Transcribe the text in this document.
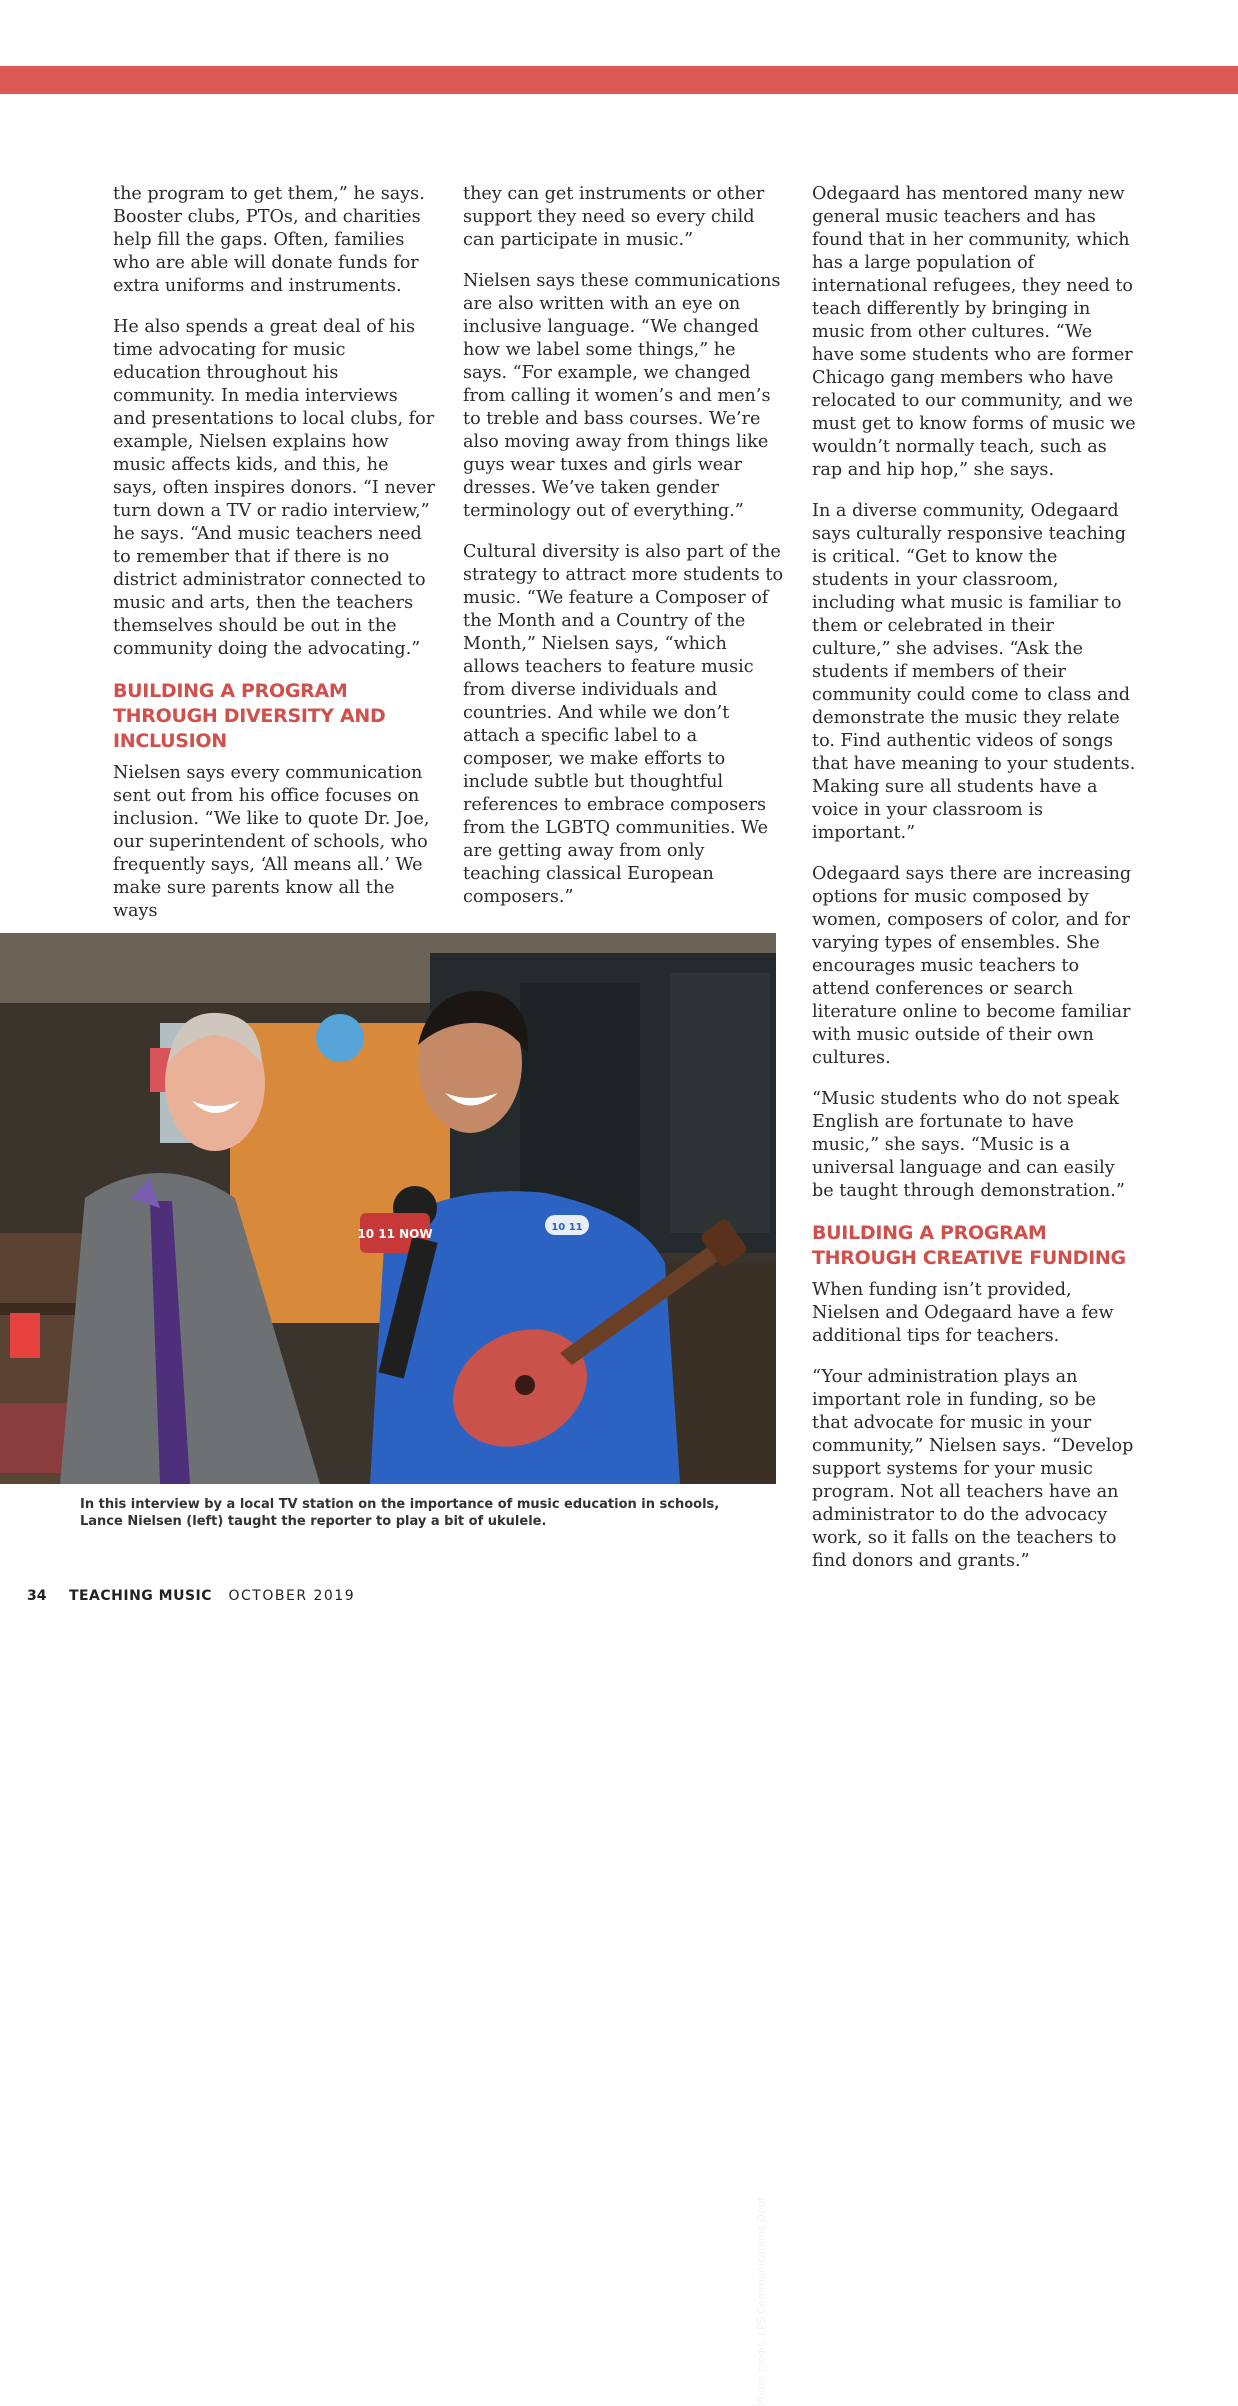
the program to get them,” he says. Booster clubs, PTOs, and charities help fill the gaps. Often, families who are able will donate funds for extra uniforms and instruments.

He also spends a great deal of his time advocating for music education throughout his community. In media interviews and presentations to local clubs, for example, Nielsen explains how music affects kids, and this, he says, often inspires donors. “I never turn down a TV or radio interview,” he says. “And music teachers need to remember that if there is no district administrator connected to music and arts, then the teachers themselves should be out in the community doing the advocating.”

BUILDING A PROGRAM THROUGH DIVERSITY AND INCLUSION

Nielsen says every communication sent out from his office focuses on inclusion. “We like to quote Dr. Joe, our superintendent of schools, who frequently says, ‘All means all.’ We make sure parents know all the ways

they can get instruments or other support they need so every child can participate in music.”

Nielsen says these communications are also written with an eye on inclusive language. “We changed how we label some things,” he says. “For example, we changed from calling it women’s and men’s to treble and bass courses. We’re also moving away from things like guys wear tuxes and girls wear dresses. We’ve taken gender terminology out of everything.”

Cultural diversity is also part of the strategy to attract more students to music. “We feature a Composer of the Month and a Country of the Month,” Nielsen says, “which allows teachers to feature music from diverse individuals and countries. And while we don’t attach a specific label to a composer, we make efforts to include subtle but thoughtful references to embrace composers from the LGBTQ communities. We are getting away from only teaching classical European composers.”

Odegaard has mentored many new general music teachers and has found that in her community, which has a large population of international refugees, they need to teach differently by bringing in music from other cultures. “We have some students who are former Chicago gang members who have relocated to our community, and we must get to know forms of music we wouldn’t normally teach, such as rap and hip hop,” she says.

In a diverse community, Odegaard says culturally responsive teaching is critical. “Get to know the students in your classroom, including what music is familiar to them or celebrated in their culture,” she advises. “Ask the students if members of their community could come to class and demonstrate the music they relate to. Find authentic videos of songs that have meaning to your students. Making sure all students have a voice in your classroom is important.”

Odegaard says there are increasing options for music composed by women, composers of color, and for varying types of ensembles. She encourages music teachers to attend conferences or search literature online to become familiar with music outside of their own cultures.

“Music students who do not speak English are fortunate to have music,” she says. “Music is a universal language and can easily be taught through demonstration.”

BUILDING A PROGRAM THROUGH CREATIVE FUNDING

When funding isn’t provided, Nielsen and Odegaard have a few additional tips for teachers.

“Your administration plays an important role in funding, so be that advocate for music in your community,” Nielsen says. “Develop support systems for your music program. Not all teachers have an administrator to do the advocacy work, so it falls on the teachers to find donors and grants.”

10 11 NOW	10 11
Photo credit: LPS Communications Dept.
In this interview by a local TV station on the importance of music education in schools, Lance Nielsen (left) taught the reporter to play a bit of ukulele.
34 TEACHING MUSIC OCTOBER 2019
